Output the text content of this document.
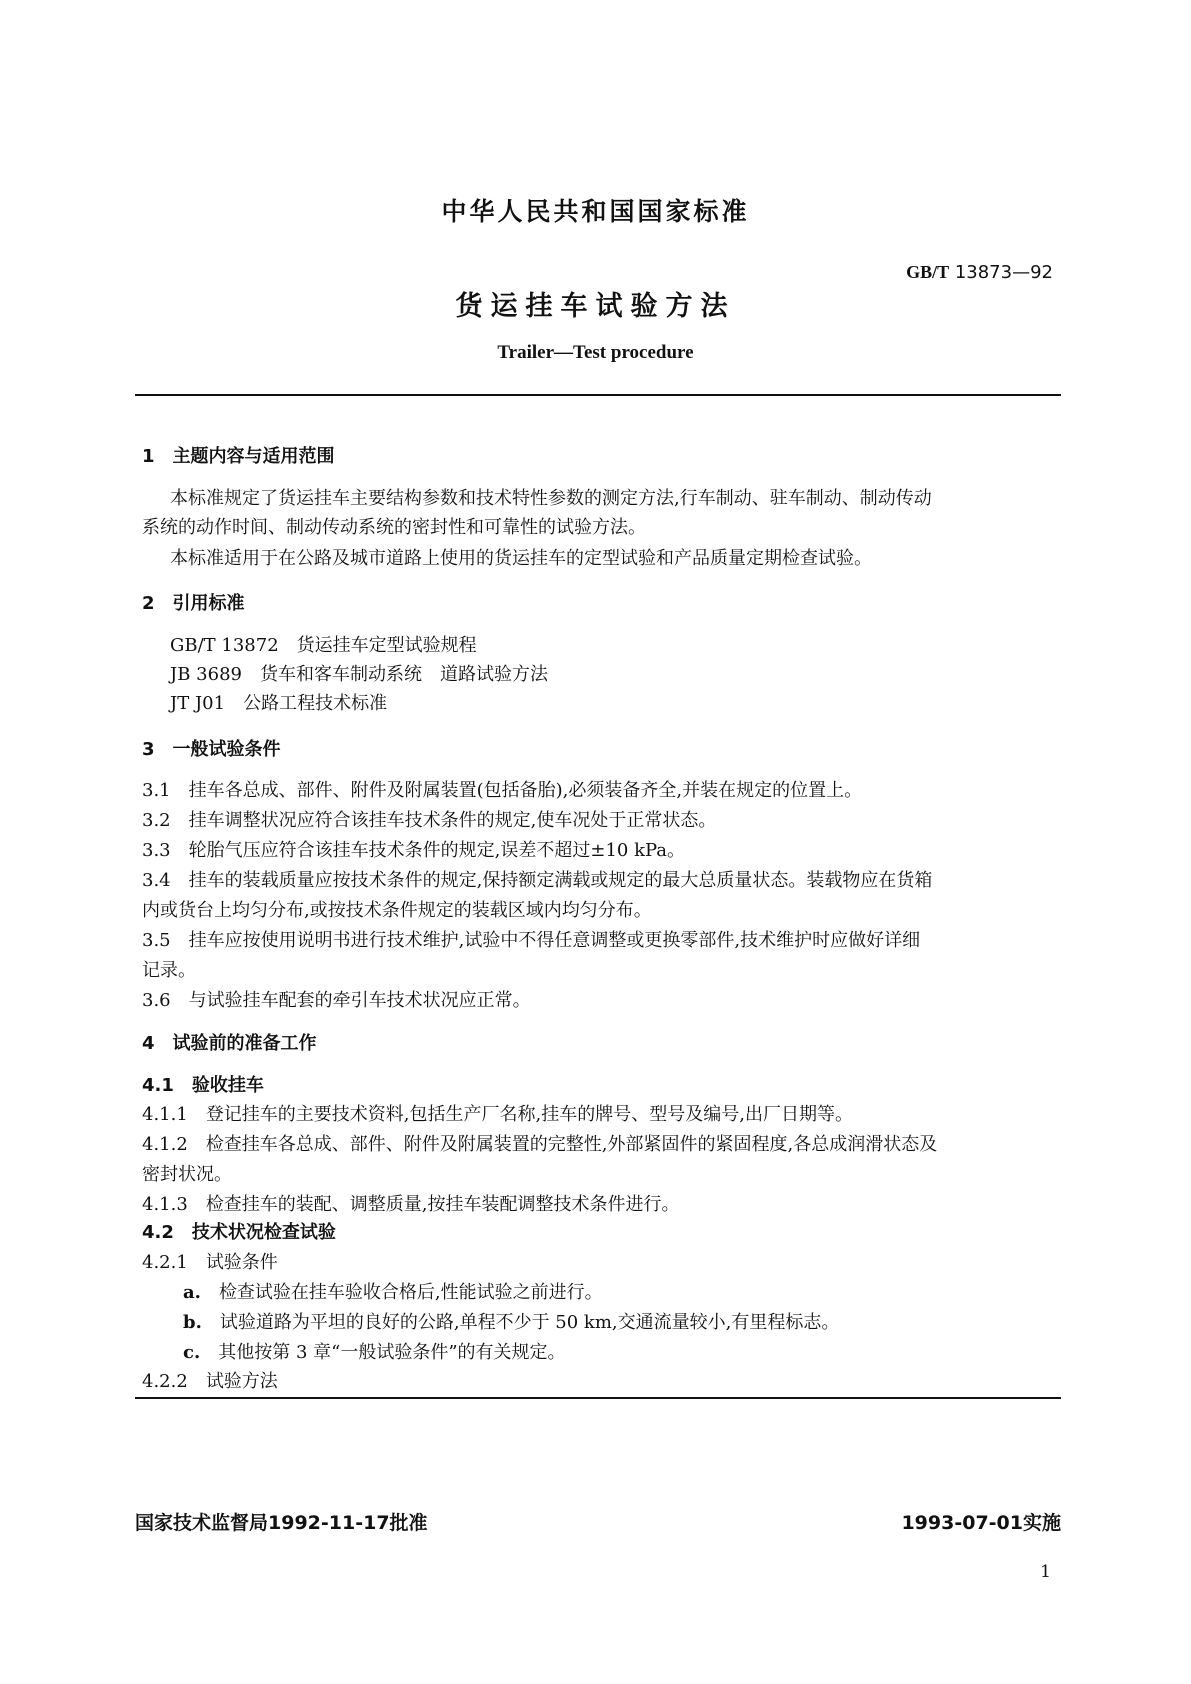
中华人民共和国国家标准
GB/T 13873—92
货运挂车试验方法
Trailer—Test procedure
1　 主题内容与适用范围
本标准规定了货运挂车主要结构参数和技术特性参数的测定方法,行车制动、驻车制动、制动传动
系统的动作时间、制动传动系统的密封性和可靠性的试验方法。
本标准适用于在公路及城市道路上使用的货运挂车的定型试验和产品质量定期检查试验。
2　 引用标准
GB/T 13872　 货运挂车定型试验规程
JB 3689　 货车和客车制动系统　道路试验方法
JT J01　 公路工程技术标准
3　 一般试验条件
3.1　 挂车各总成、部件、附件及附属装置(包括备胎),必须装备齐全,并装在规定的位置上。
3.2　 挂车调整状况应符合该挂车技术条件的规定,使车况处于正常状态。
3.3　 轮胎气压应符合该挂车技术条件的规定,误差不超过±10 kPa。
3.4　 挂车的装载质量应按技术条件的规定,保持额定满载或规定的最大总质量状态。装载物应在货箱
内或货台上均匀分布,或按技术条件规定的装载区域内均匀分布。
3.5　 挂车应按使用说明书进行技术维护,试验中不得任意调整或更换零部件,技术维护时应做好详细
记录。
3.6　 与试验挂车配套的牵引车技术状况应正常。
4　 试验前的准备工作
4.1　 验收挂车
4.1.1　 登记挂车的主要技术资料,包括生产厂名称,挂车的牌号、型号及编号,出厂日期等。
4.1.2　 检查挂车各总成、部件、附件及附属装置的完整性,外部紧固件的紧固程度,各总成润滑状态及
密封状况。
4.1.3　 检查挂车的装配、调整质量,按挂车装配调整技术条件进行。
4.2　 技术状况检查试验
4.2.1　 试验条件
a.　 检查试验在挂车验收合格后,性能试验之前进行。
b.　 试验道路为平坦的良好的公路,单程不少于 50 km,交通流量较小,有里程标志。
c.　 其他按第 3 章“一般试验条件”的有关规定。
4.2.2　 试验方法
国家技术监督局1992-11-17批准	1993-07-01实施
1
